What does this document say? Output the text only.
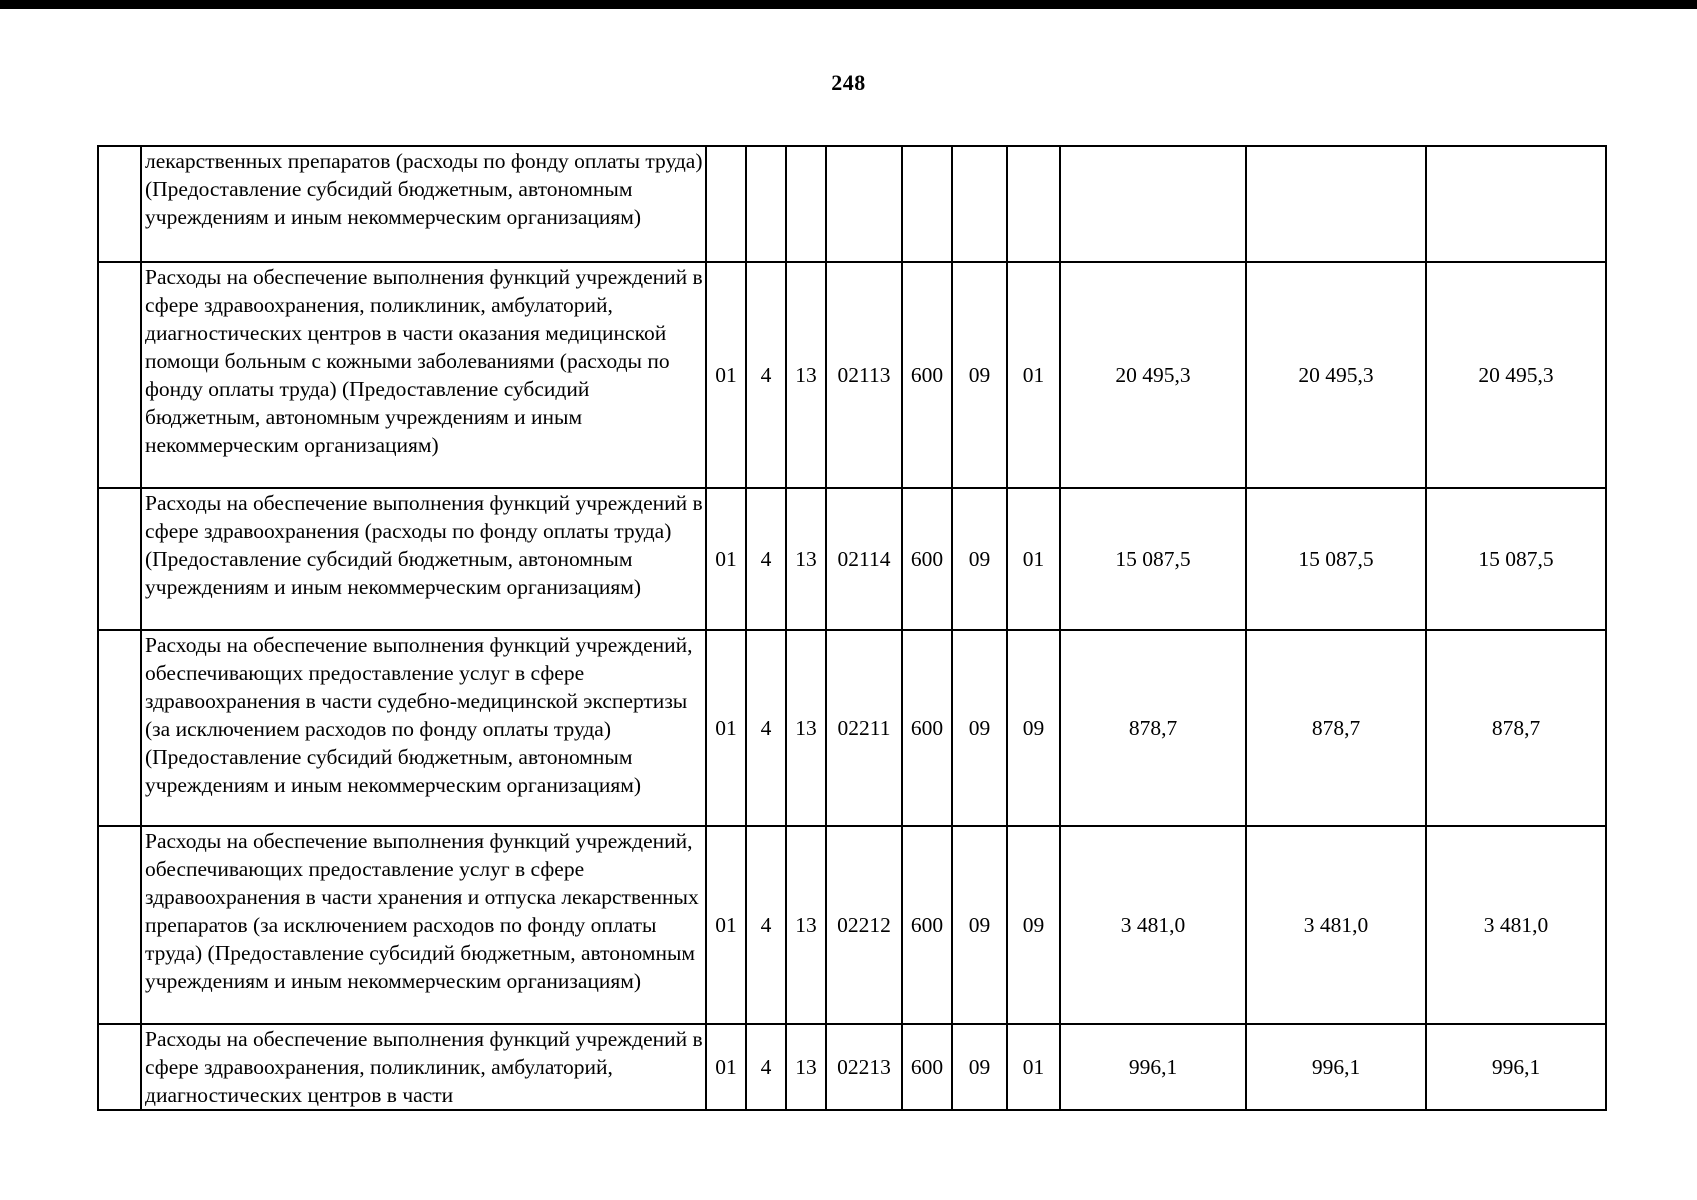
248
	лекарственных препаратов (расходы по фонду оплаты труда) (Предоставление субсидий бюджетным, автономным учреждениям и иным некоммерческим организациям)										
	Расходы на обеспечение выполнения функций учреждений в сфере здравоохранения, поликлиник, амбулаторий, диагностических центров в части оказания медицинской помощи больным с кожными заболеваниями (расходы по фонду оплаты труда) (Предоставление субсидий бюджетным, автономным учреждениям и иным некоммерческим организациям)	01	4	13	02113	600	09	01	20 495,3	20 495,3	20 495,3
	Расходы на обеспечение выполнения функций учреждений в сфере здравоохранения (расходы по фонду оплаты труда) (Предоставление субсидий бюджетным, автономным учреждениям и иным некоммерческим организациям)	01	4	13	02114	600	09	01	15 087,5	15 087,5	15 087,5
	Расходы на обеспечение выполнения функций учреждений, обеспечивающих предоставление услуг в сфере здравоохранения в части судебно-медицинской экспертизы (за исключением расходов по фонду оплаты труда) (Предоставление субсидий бюджетным, автономным учреждениям и иным некоммерческим организациям)	01	4	13	02211	600	09	09	878,7	878,7	878,7
	Расходы на обеспечение выполнения функций учреждений, обеспечивающих предоставление услуг в сфере здравоохранения в части хранения и отпуска лекарственных препаратов (за исключением расходов по фонду оплаты труда) (Предоставление субсидий бюджетным, автономным учреждениям и иным некоммерческим организациям)	01	4	13	02212	600	09	09	3 481,0	3 481,0	3 481,0
	Расходы на обеспечение выполнения функций учреждений в сфере здравоохранения, поликлиник, амбулаторий, диагностических центров в части	01	4	13	02213	600	09	01	996,1	996,1	996,1
